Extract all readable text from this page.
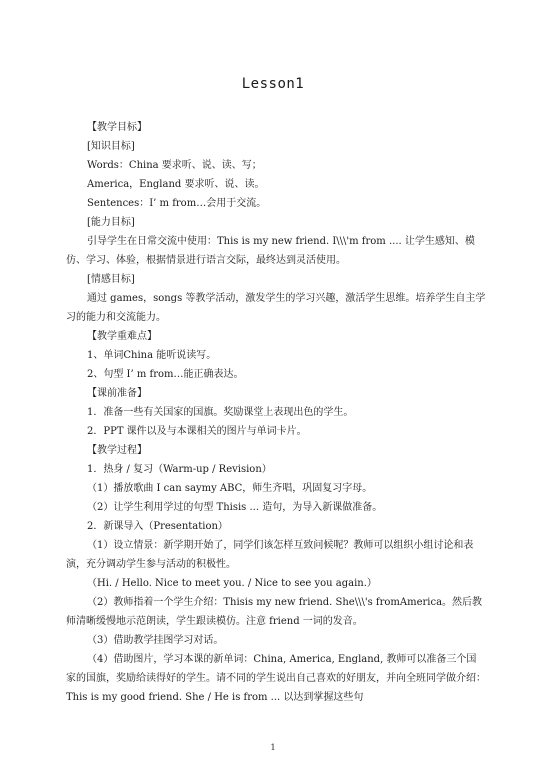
Lesson1

【教学目标】

[知识目标]

Words：China 要求听、说、读、写；

America，England 要求听、说、读。

Sentences：I’ m from…会用于交流。

[能力目标]

引导学生在日常交流中使用：This is my new friend. I\\\'m from .... 让学生感知、模仿、学习、体验，根据情景进行语言交际，最终达到灵活使用。

[情感目标]

通过 games，songs 等教学活动，激发学生的学习兴趣，激活学生思维。培养学生自主学习的能力和交流能力。

【教学重难点】

1、单词China 能听说读写。

2、句型 I’ m from…能正确表达。

【课前准备】

1．准备一些有关国家的国旗。奖励课堂上表现出色的学生。

2．PPT 课件以及与本课相关的图片与单词卡片。

【教学过程】

1．热身 / 复习（Warm-up / Revision）

（1）播放歌曲 I can saymy ABC，师生齐唱，巩固复习字母。

（2）让学生利用学过的句型 Thisis ... 造句，为导入新课做准备。

2．新课导入（Presentation）

（1）设立情景：新学期开始了，同学们该怎样互致问候呢？教师可以组织小组讨论和表演，充分调动学生参与活动的积极性。

（Hi. / Hello. Nice to meet you. / Nice to see you again.）

（2）教师指着一个学生介绍：Thisis my new friend. She\\\'s fromAmerica。然后教师清晰缓慢地示范朗读，学生跟读模仿。注意 friend 一词的发音。

（3）借助教学挂图学习对话。

（4）借助图片，学习本课的新单词：China, America, England, 教师可以准备三个国家的国旗，奖励给读得好的学生。请不同的学生说出自己喜欢的好朋友，并向全班同学做介绍：This is my good friend. She / He is from ... 以达到掌握这些句

1
